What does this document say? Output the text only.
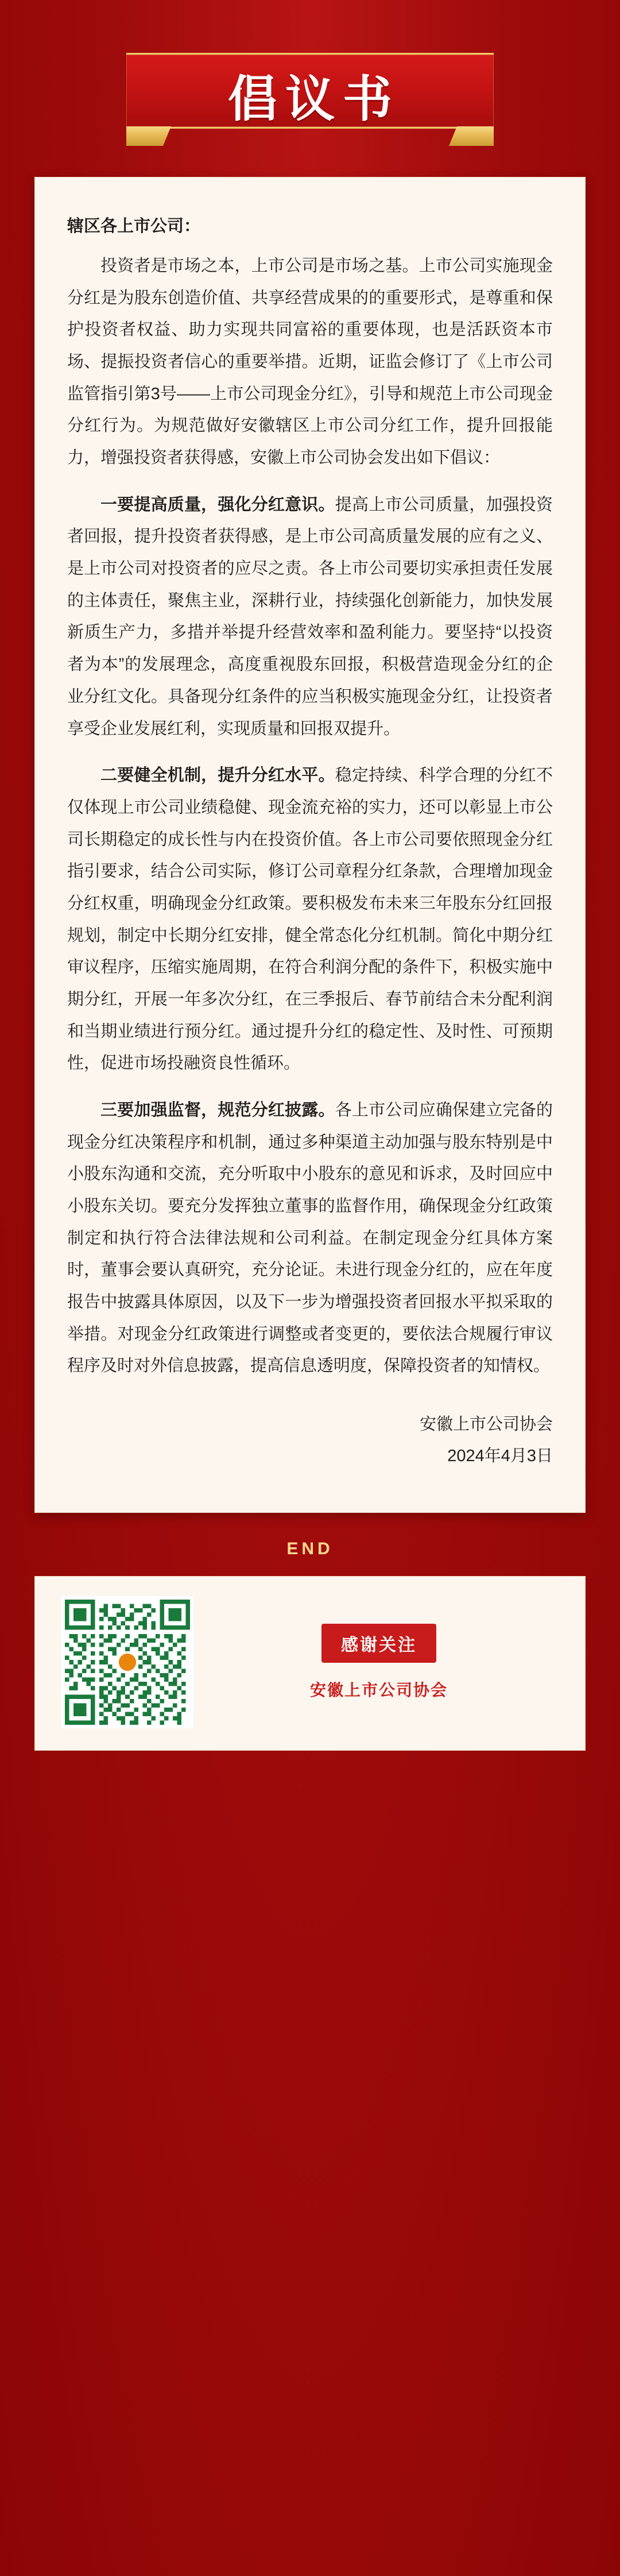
倡议书

辖区各上市公司：

投资者是市场之本，上市公司是市场之基。上市公司实施现金分红是为股东创造价值、共享经营成果的的重要形式，是尊重和保护投资者权益、助力实现共同富裕的重要体现，也是活跃资本市场、提振投资者信心的重要举措。近期，证监会修订了《上市公司监管指引第3号——上市公司现金分红》，引导和规范上市公司现金分红行为。为规范做好安徽辖区上市公司分红工作，提升回报能力，增强投资者获得感，安徽上市公司协会发出如下倡议：

一要提高质量，强化分红意识。提高上市公司质量，加强投资者回报，提升投资者获得感，是上市公司高质量发展的应有之义、是上市公司对投资者的应尽之责。各上市公司要切实承担责任发展的主体责任，聚焦主业，深耕行业，持续强化创新能力，加快发展新质生产力，多措并举提升经营效率和盈利能力。要坚持“以投资者为本”的发展理念，高度重视股东回报，积极营造现金分红的企业分红文化。具备现分红条件的应当积极实施现金分红，让投资者享受企业发展红利，实现质量和回报双提升。

二要健全机制，提升分红水平。稳定持续、科学合理的分红不仅体现上市公司业绩稳健、现金流充裕的实力，还可以彰显上市公司长期稳定的成长性与内在投资价值。各上市公司要依照现金分红指引要求，结合公司实际，修订公司章程分红条款，合理增加现金分红权重，明确现金分红政策。要积极发布未来三年股东分红回报规划，制定中长期分红安排，健全常态化分红机制。简化中期分红审议程序，压缩实施周期，在符合利润分配的条件下，积极实施中期分红，开展一年多次分红，在三季报后、春节前结合未分配利润和当期业绩进行预分红。通过提升分红的稳定性、及时性、可预期性，促进市场投融资良性循环。

三要加强监督，规范分红披露。各上市公司应确保建立完备的现金分红决策程序和机制，通过多种渠道主动加强与股东特别是中小股东沟通和交流，充分听取中小股东的意见和诉求，及时回应中小股东关切。要充分发挥独立董事的监督作用，确保现金分红政策制定和执行符合法律法规和公司利益。在制定现金分红具体方案时，董事会要认真研究，充分论证。未进行现金分红的，应在年度报告中披露具体原因，以及下一步为增强投资者回报水平拟采取的举措。对现金分红政策进行调整或者变更的，要依法合规履行审议程序及时对外信息披露，提高信息透明度，保障投资者的知情权。

安徽上市公司协会
2024年4月3日
END
感谢关注
安徽上市公司协会
